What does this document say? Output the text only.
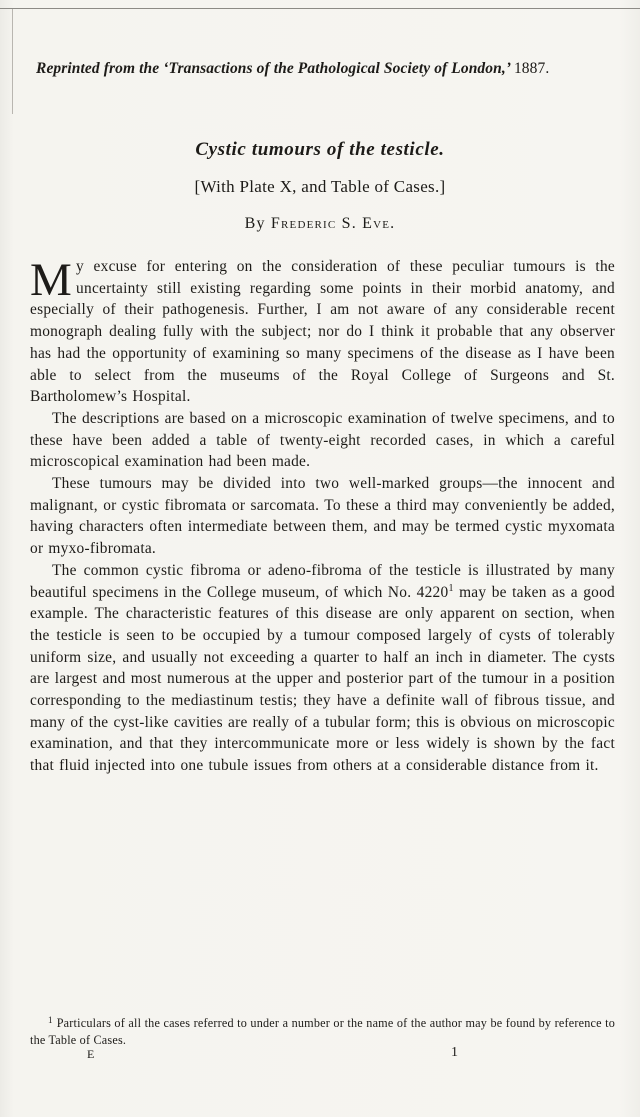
Reprinted from the ‘Transactions of the Pathological Society of London,’ 1887.
Cystic tumours of the testicle.
[With Plate X, and Table of Cases.]
By Frederic S. Eve.

My excuse for entering on the consideration of these peculiar tumours is the uncertainty still existing regarding some points in their morbid anatomy, and especially of their pathogenesis. Further, I am not aware of any considerable recent monograph dealing fully with the subject; nor do I think it probable that any observer has had the opportunity of examining so many specimens of the disease as I have been able to select from the museums of the Royal College of Surgeons and St. Bartholomew’s Hospital.

The descriptions are based on a microscopic examination of twelve specimens, and to these have been added a table of twenty-eight recorded cases, in which a careful microscopical examination had been made.

These tumours may be divided into two well-marked groups—the innocent and malignant, or cystic fibromata or sarcomata. To these a third may conveniently be added, having characters often intermediate between them, and may be termed cystic myxomata or myxo-fibromata.

The common cystic fibroma or adeno-fibroma of the testicle is illustrated by many beautiful specimens in the College museum, of which No. 4220$^1$ may be taken as a good example. The characteristic features of this disease are only apparent on section, when the testicle is seen to be occupied by a tumour composed largely of cysts of tolerably uniform size, and usually not exceeding a quarter to half an inch in diameter. The cysts are largest and most numerous at the upper and posterior part of the tumour in a position corresponding to the mediastinum testis; they have a definite wall of fibrous tissue, and many of the cyst-like cavities are really of a tubular form; this is obvious on microscopic examination, and that they intercommunicate more or less widely is shown by the fact that fluid injected into one tubule issues from others at a considerable distance from it.

$^1$ Particulars of all the cases referred to under a number or the name of the author may be found by reference to the Table of Cases.
E	1
